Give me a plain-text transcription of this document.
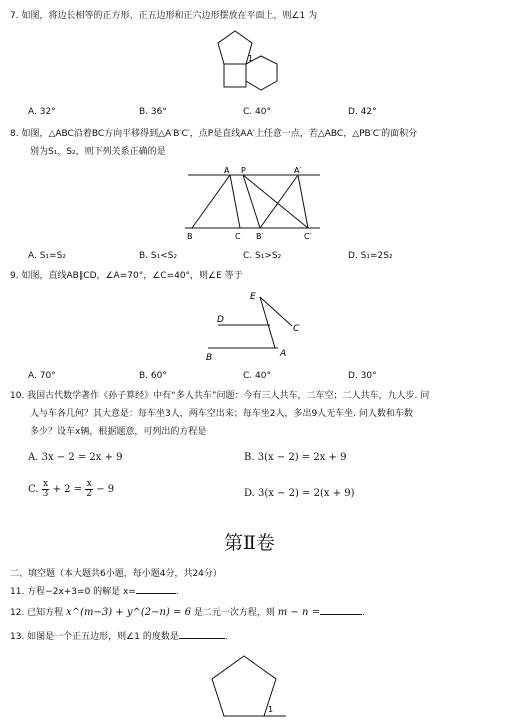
7. 如图，将边长相等的正方形、正五边形和正六边形摆放在平面上，则∠1 为
1
A. 32°	B. 36°	C. 40°	D. 42°
8. 如图，△ABC沿着BC方向平移得到△A′B′C′，点P是直线AA′上任意一点，若△ABC，△PB′C′的面积分
别为S₁，S₂，则下列关系正确的是
A P	A′
B	C B′	C′
A. S₁=S₂	B. S₁<S₂	C. S₁>S₂	D. S₁=2S₂
9. 如图，直线AB∥CD，∠A=70°，∠C=40°，则∠E 等于
E
D
C
B	A
A. 70°	B. 60°	C. 40°	D. 30°
10. 我国古代数学著作《孙子算经》中有“多人共车”问题：今有三人共车，二车空；二人共车，九人步. 问
人与车各几何？其大意是：每车坐3人，两车空出来；每车坐2人，多出9人无车坐. 问人数和车数
多少？设车x辆，根据题意，可列出的方程是
A. 3x − 2 = 2x + 9	B. 3(x − 2) = 2x + 9
C. $\frac{x}{3} + 2 = \frac{x}{2} - 9$	D. 3(x − 2) = 2(x + 9)
第Ⅱ卷
二、填空题（本大题共6小题，每小题4分，共24分）
11. 方程−2x+3=0 的解是 x=	.
12. 已知方程 x^(m−3) + y^(2−n) = 6 是二元一次方程，则 m − n =	.
13. 如图是一个正五边形，则∠1 的度数是	.
1
